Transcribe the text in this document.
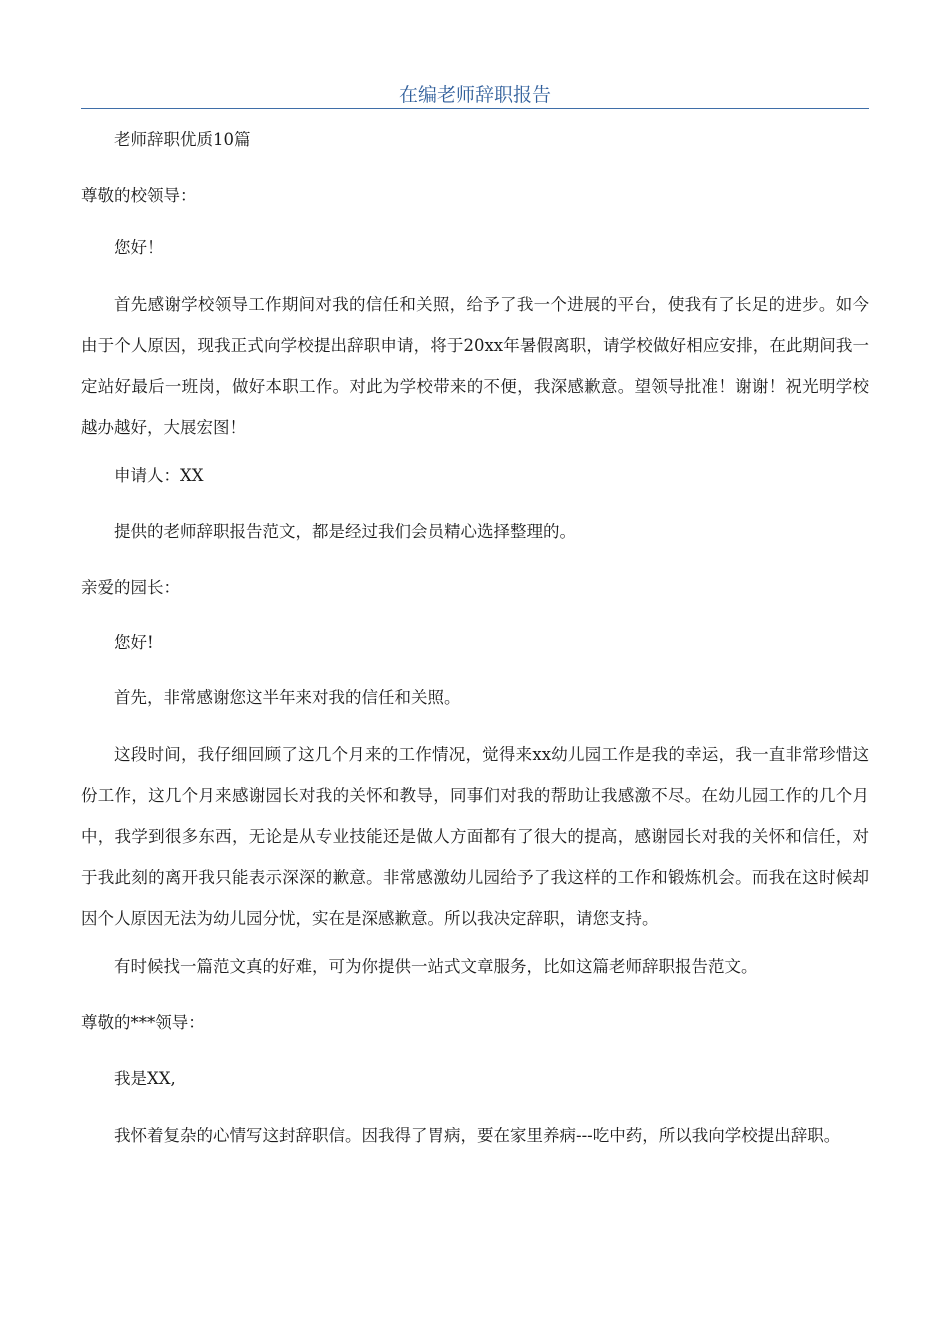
在编老师辞职报告

老师辞职优质10篇

尊敬的校领导：

您好！

首先感谢学校领导工作期间对我的信任和关照，给予了我一个进展的平台，使我有了长足的进步。如今由于个人原因，现我正式向学校提出辞职申请，将于20xx年暑假离职，请学校做好相应安排，在此期间我一定站好最后一班岗，做好本职工作。对此为学校带来的不便，我深感歉意。望领导批准！谢谢！祝光明学校越办越好，大展宏图！

申请人：XX

提供的老师辞职报告范文，都是经过我们会员精心选择整理的。

亲爱的园长：

您好!

首先，非常感谢您这半年来对我的信任和关照。

这段时间，我仔细回顾了这几个月来的工作情况，觉得来xx幼儿园工作是我的幸运，我一直非常珍惜这份工作，这几个月来感谢园长对我的关怀和教导，同事们对我的帮助让我感激不尽。在幼儿园工作的几个月中，我学到很多东西，无论是从专业技能还是做人方面都有了很大的提高，感谢园长对我的关怀和信任，对于我此刻的离开我只能表示深深的歉意。非常感激幼儿园给予了我这样的工作和锻炼机会。而我在这时候却因个人原因无法为幼儿园分忧，实在是深感歉意。所以我决定辞职，请您支持。

有时候找一篇范文真的好难，可为你提供一站式文章服务，比如这篇老师辞职报告范文。

尊敬的***领导：

我是XX,

我怀着复杂的心情写这封辞职信。因我得了胃病，要在家里养病---吃中药，所以我向学校提出辞职。
